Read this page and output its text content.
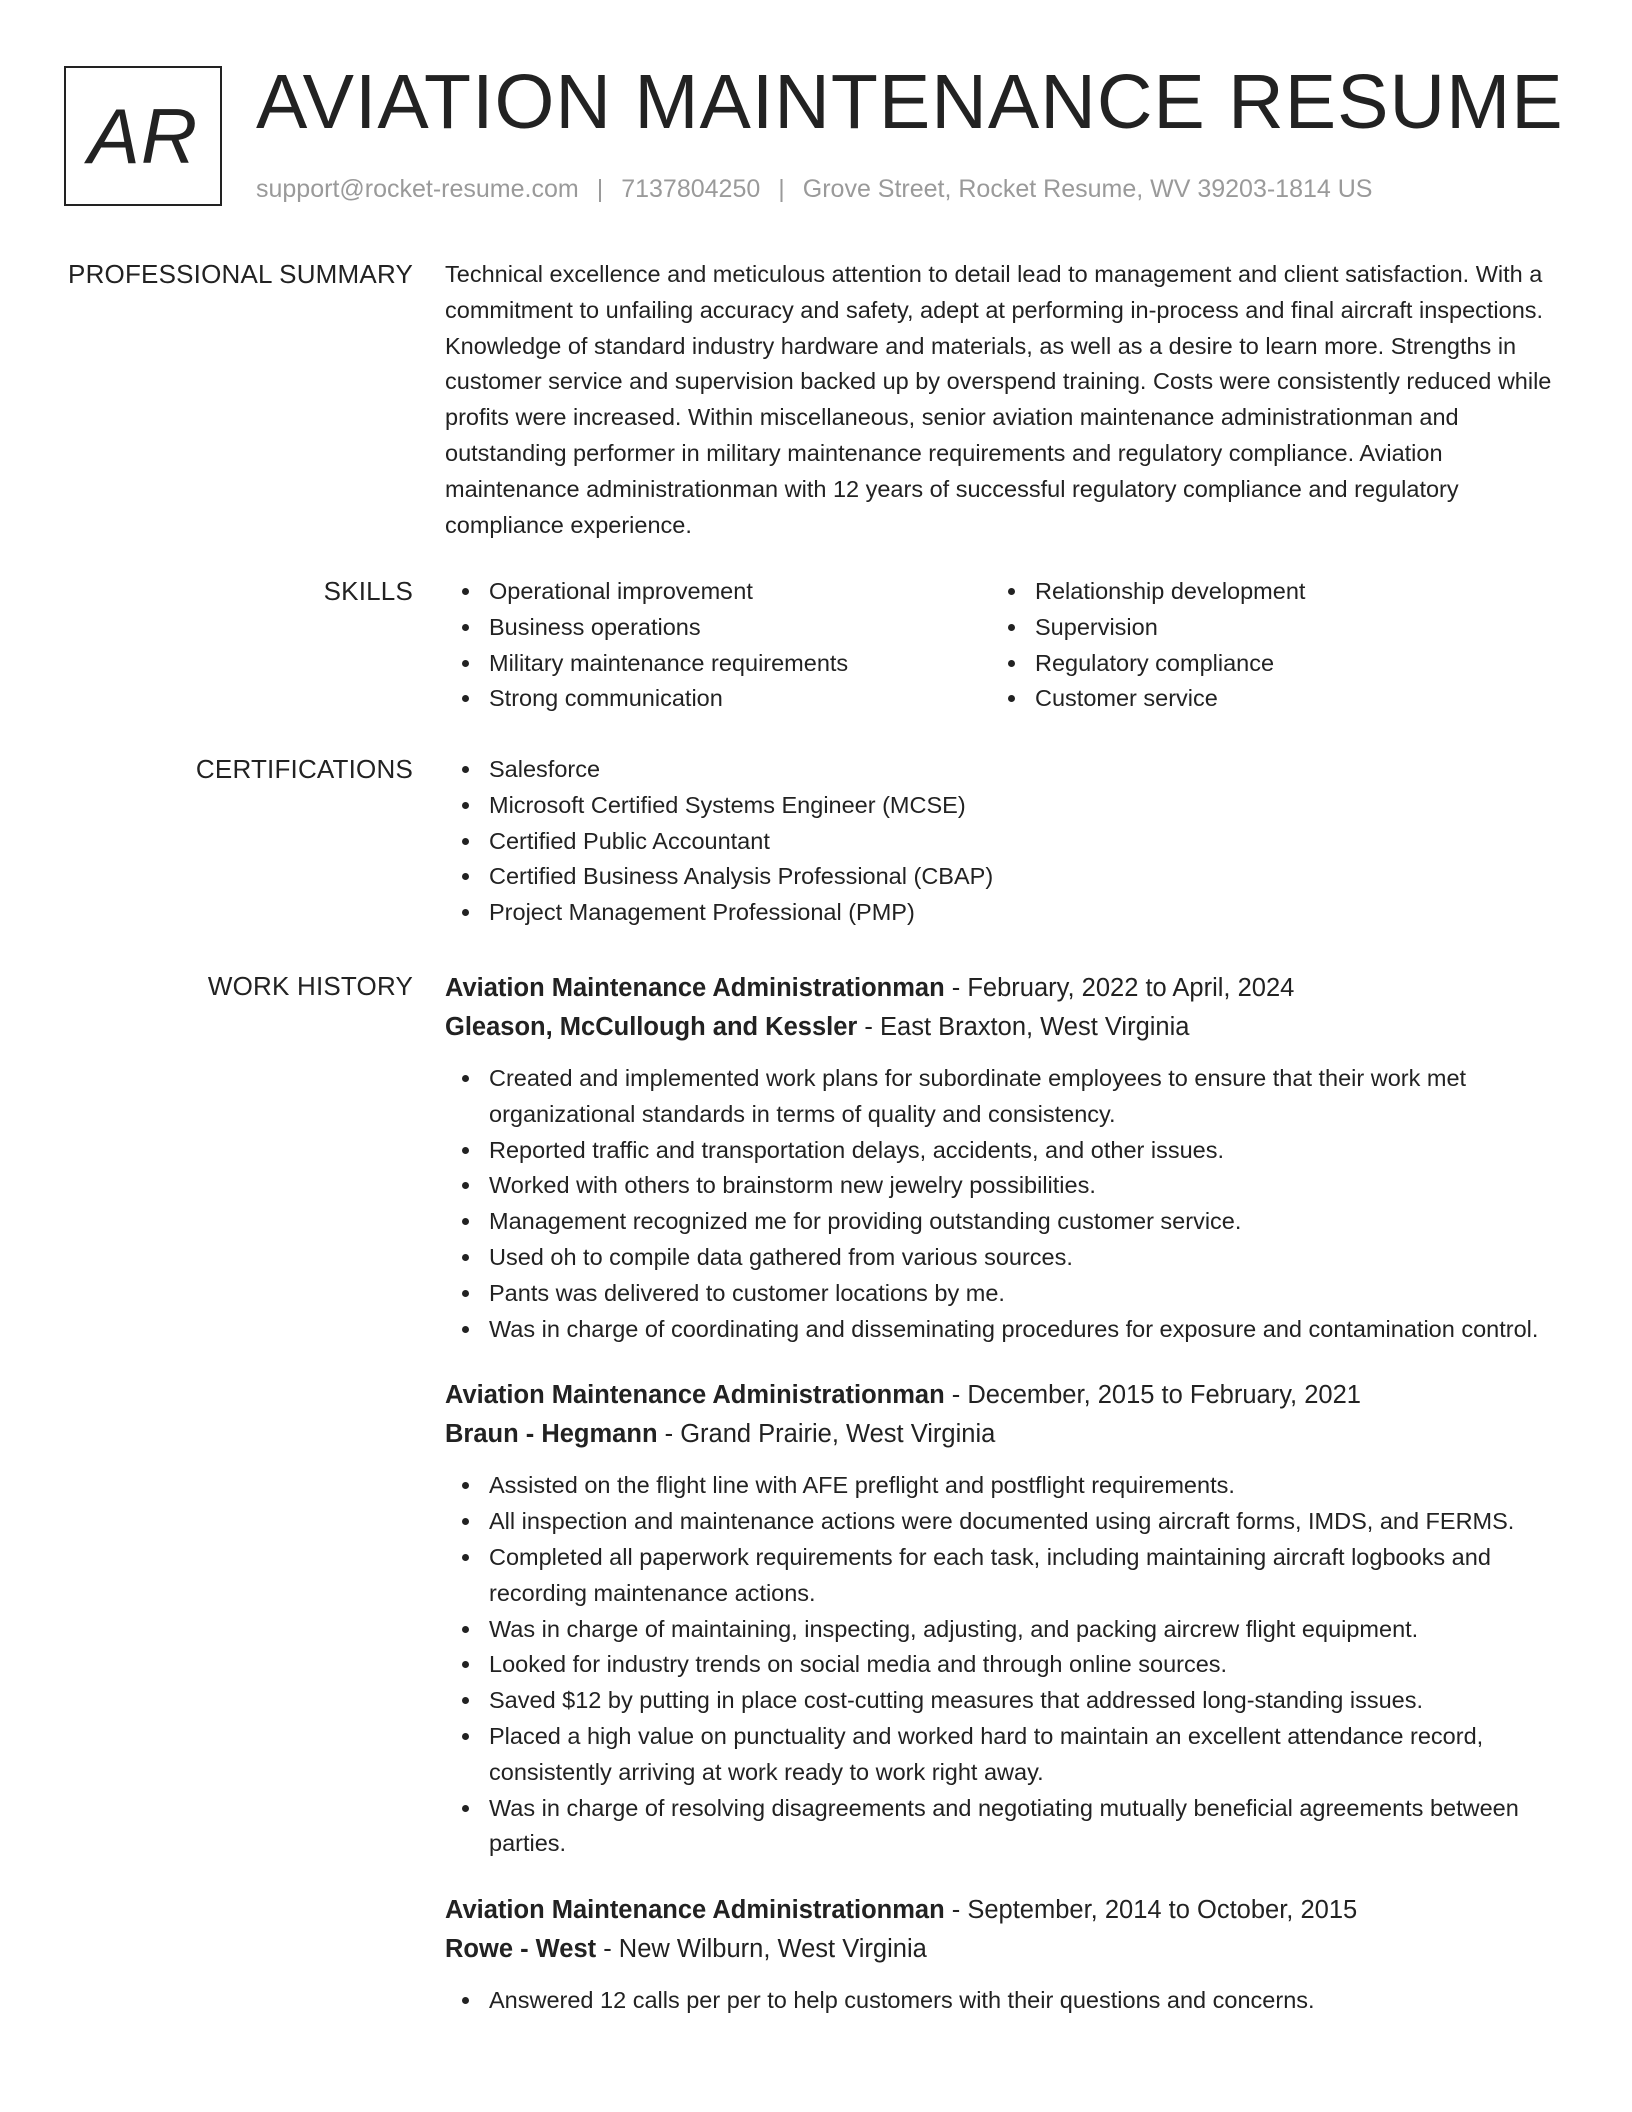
AR AVIATION MAINTENANCE RESUME
support@rocket-resume.com | 7137804250 | Grove Street, Rocket Resume, WV 39203-1814 US
PROFESSIONAL SUMMARY Technical excellence and meticulous attention to detail lead to management and client satisfaction. With a commitment to unfailing accuracy and safety, adept at performing in-process and final aircraft inspections. Knowledge of standard industry hardware and materials, as well as a desire to learn more. Strengths in customer service and supervision backed up by overspend training. Costs were consistently reduced while profits were increased. Within miscellaneous, senior aviation maintenance administrationman and outstanding performer in military maintenance requirements and regulatory compliance. Aviation maintenance administrationman with 12 years of successful regulatory compliance and regulatory compliance experience.

SKILLS	Operational improvement
Business operations
Military maintenance requirements
Strong communication
Relationship development
Supervision
Regulatory compliance
Customer service
CERTIFICATIONS	Salesforce
Microsoft Certified Systems Engineer (MCSE)
Certified Public Accountant
Certified Business Analysis Professional (CBAP)
Project Management Professional (PMP)
WORK HISTORY Aviation Maintenance Administrationman - February, 2022 to April, 2024
Gleason, McCullough and Kessler - East Braxton, West Virginia
Created and implemented work plans for subordinate employees to ensure that their work met organizational standards in terms of quality and consistency.
Reported traffic and transportation delays, accidents, and other issues.
Worked with others to brainstorm new jewelry possibilities.
Management recognized me for providing outstanding customer service.
Used oh to compile data gathered from various sources.
Pants was delivered to customer locations by me.
Was in charge of coordinating and disseminating procedures for exposure and contamination control.
Aviation Maintenance Administrationman - December, 2015 to February, 2021
Braun - Hegmann - Grand Prairie, West Virginia
Assisted on the flight line with AFE preflight and postflight requirements.
All inspection and maintenance actions were documented using aircraft forms, IMDS, and FERMS.
Completed all paperwork requirements for each task, including maintaining aircraft logbooks and recording maintenance actions.
Was in charge of maintaining, inspecting, adjusting, and packing aircrew flight equipment.
Looked for industry trends on social media and through online sources.
Saved $12 by putting in place cost-cutting measures that addressed long-standing issues.
Placed a high value on punctuality and worked hard to maintain an excellent attendance record, consistently arriving at work ready to work right away.
Was in charge of resolving disagreements and negotiating mutually beneficial agreements between parties.
Aviation Maintenance Administrationman - September, 2014 to October, 2015
Rowe - West - New Wilburn, West Virginia
Answered 12 calls per per to help customers with their questions and concerns.
